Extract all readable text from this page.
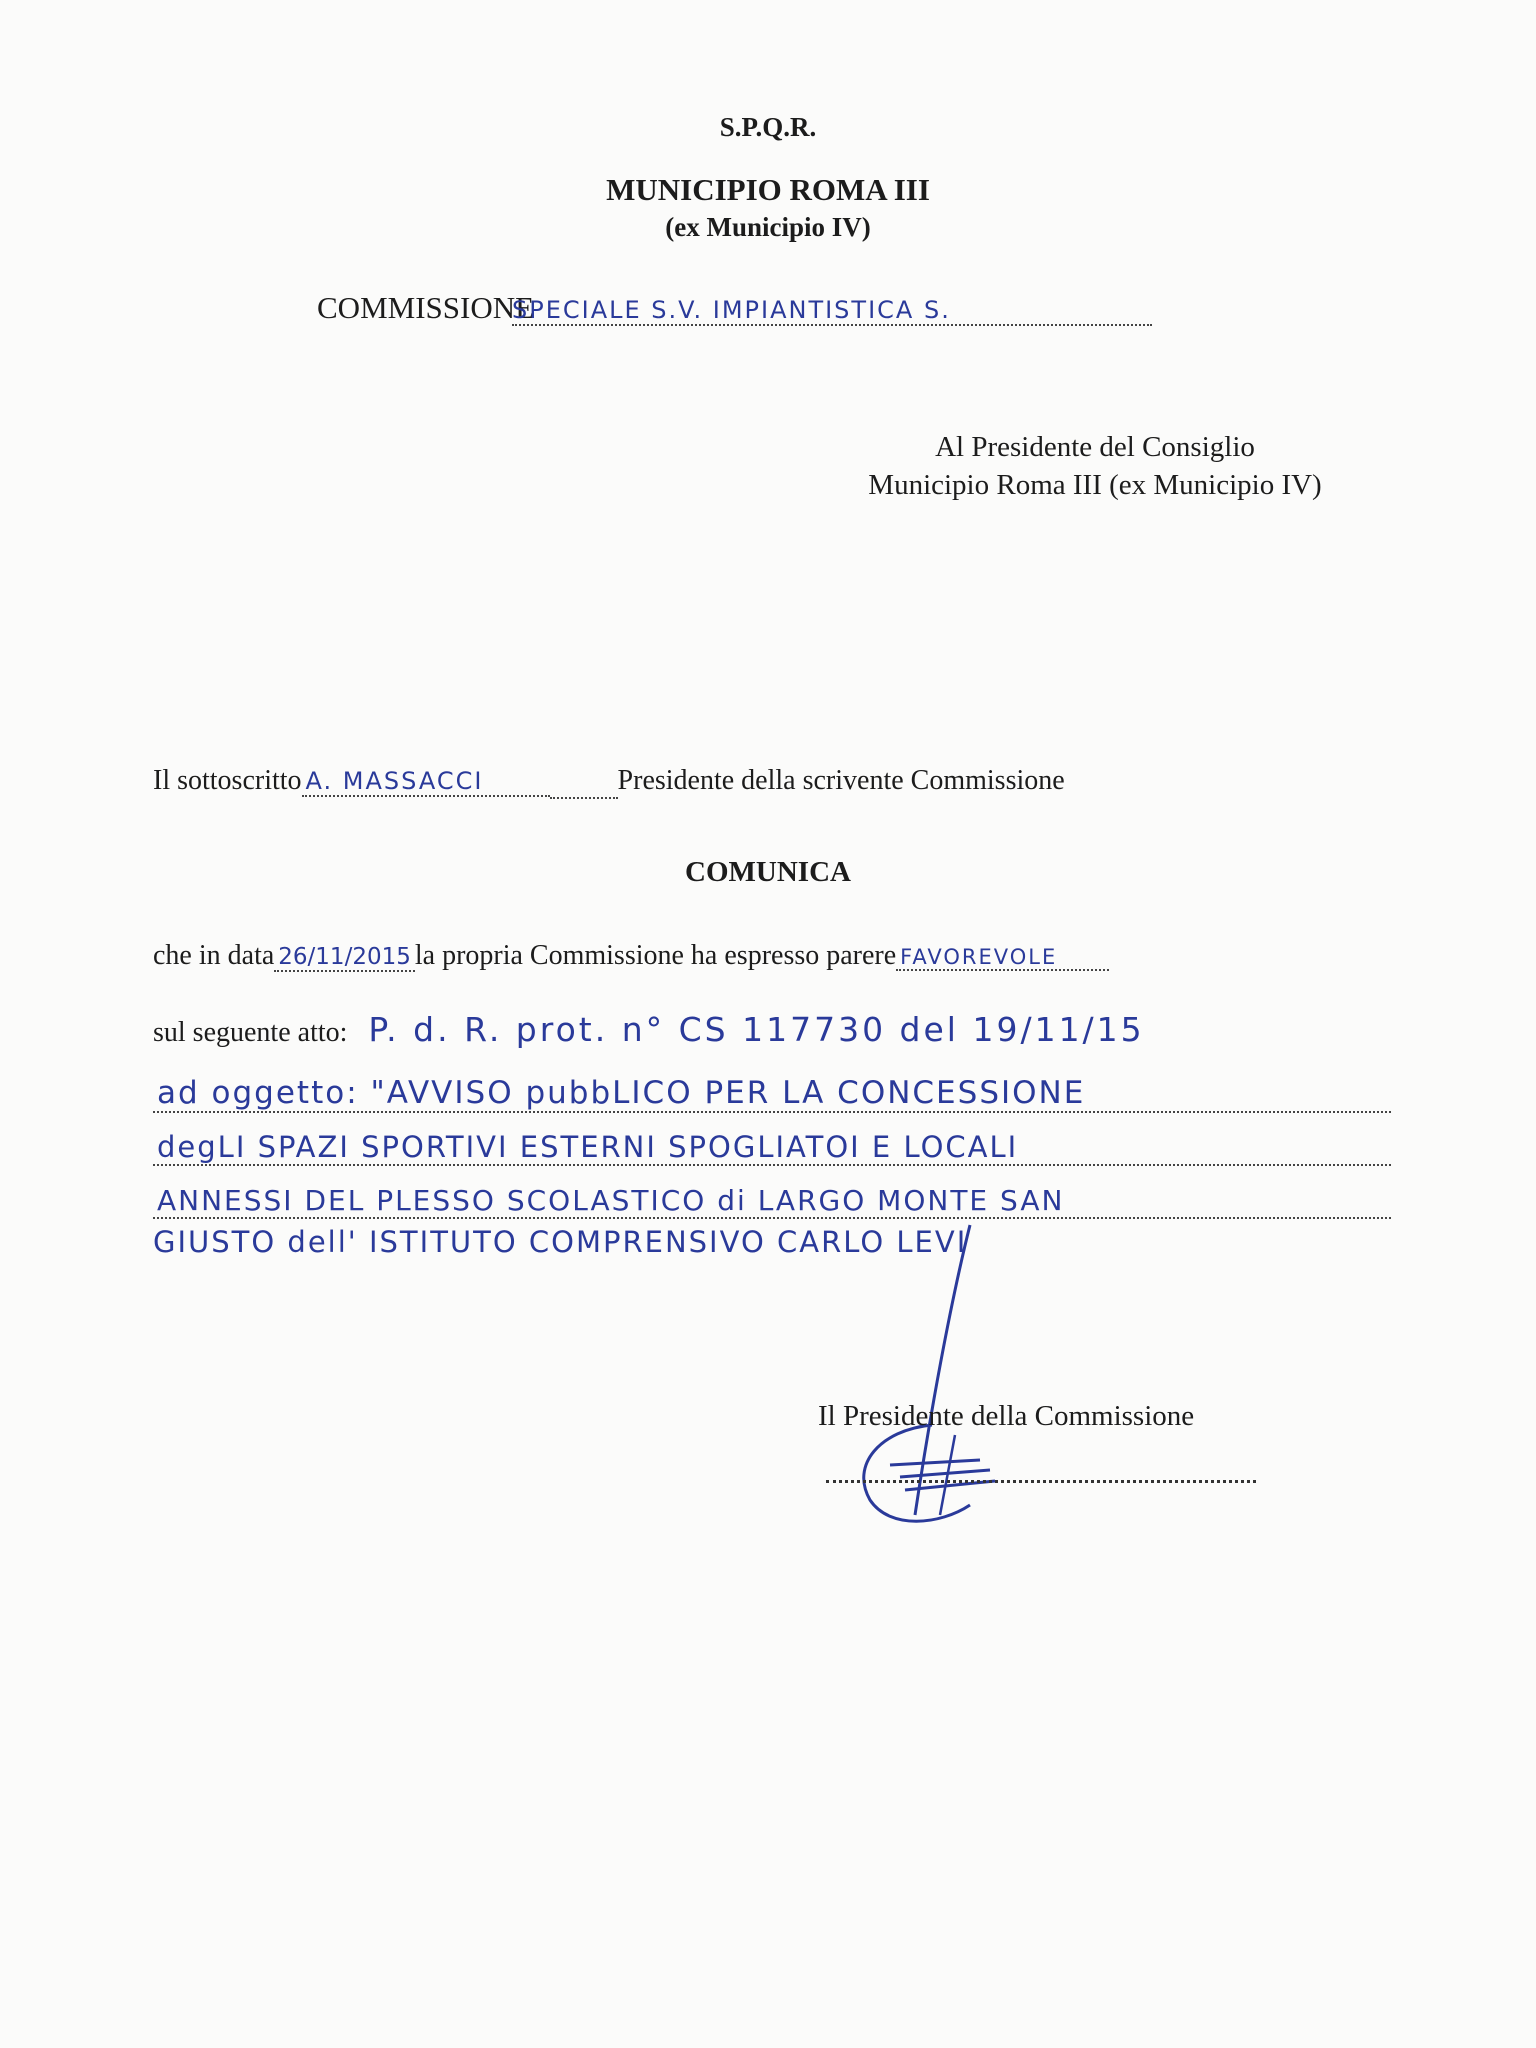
S.P.Q.R.
MUNICIPIO ROMA III
(ex Municipio IV)
COMMISSIONE
SPECIALE S.V. IMPIANTISTICA S.
Al Presidente del Consiglio
Municipio Roma III (ex Municipio IV)
Il sottoscritto A. MASSACCI	Presidente della scrivente Commissione
COMUNICA
che in data 26/11/2015 la propria Commissione ha espresso parere FAVOREVOLE
sul seguente atto: P. d. R. prot. n° CS 117730 del 19/11/15
ad oggetto: "AVVISO pubbLICO PER LA CONCESSIONE
degLI SPAZI SPORTIVI ESTERNI SPOGLIATOI E LOCALI
ANNESSI DEL PLESSO SCOLASTICO di LARGO MONTE SAN
GIUSTO dell' ISTITUTO COMPRENSIVO CARLO LEVI
Il Presidente della Commissione
